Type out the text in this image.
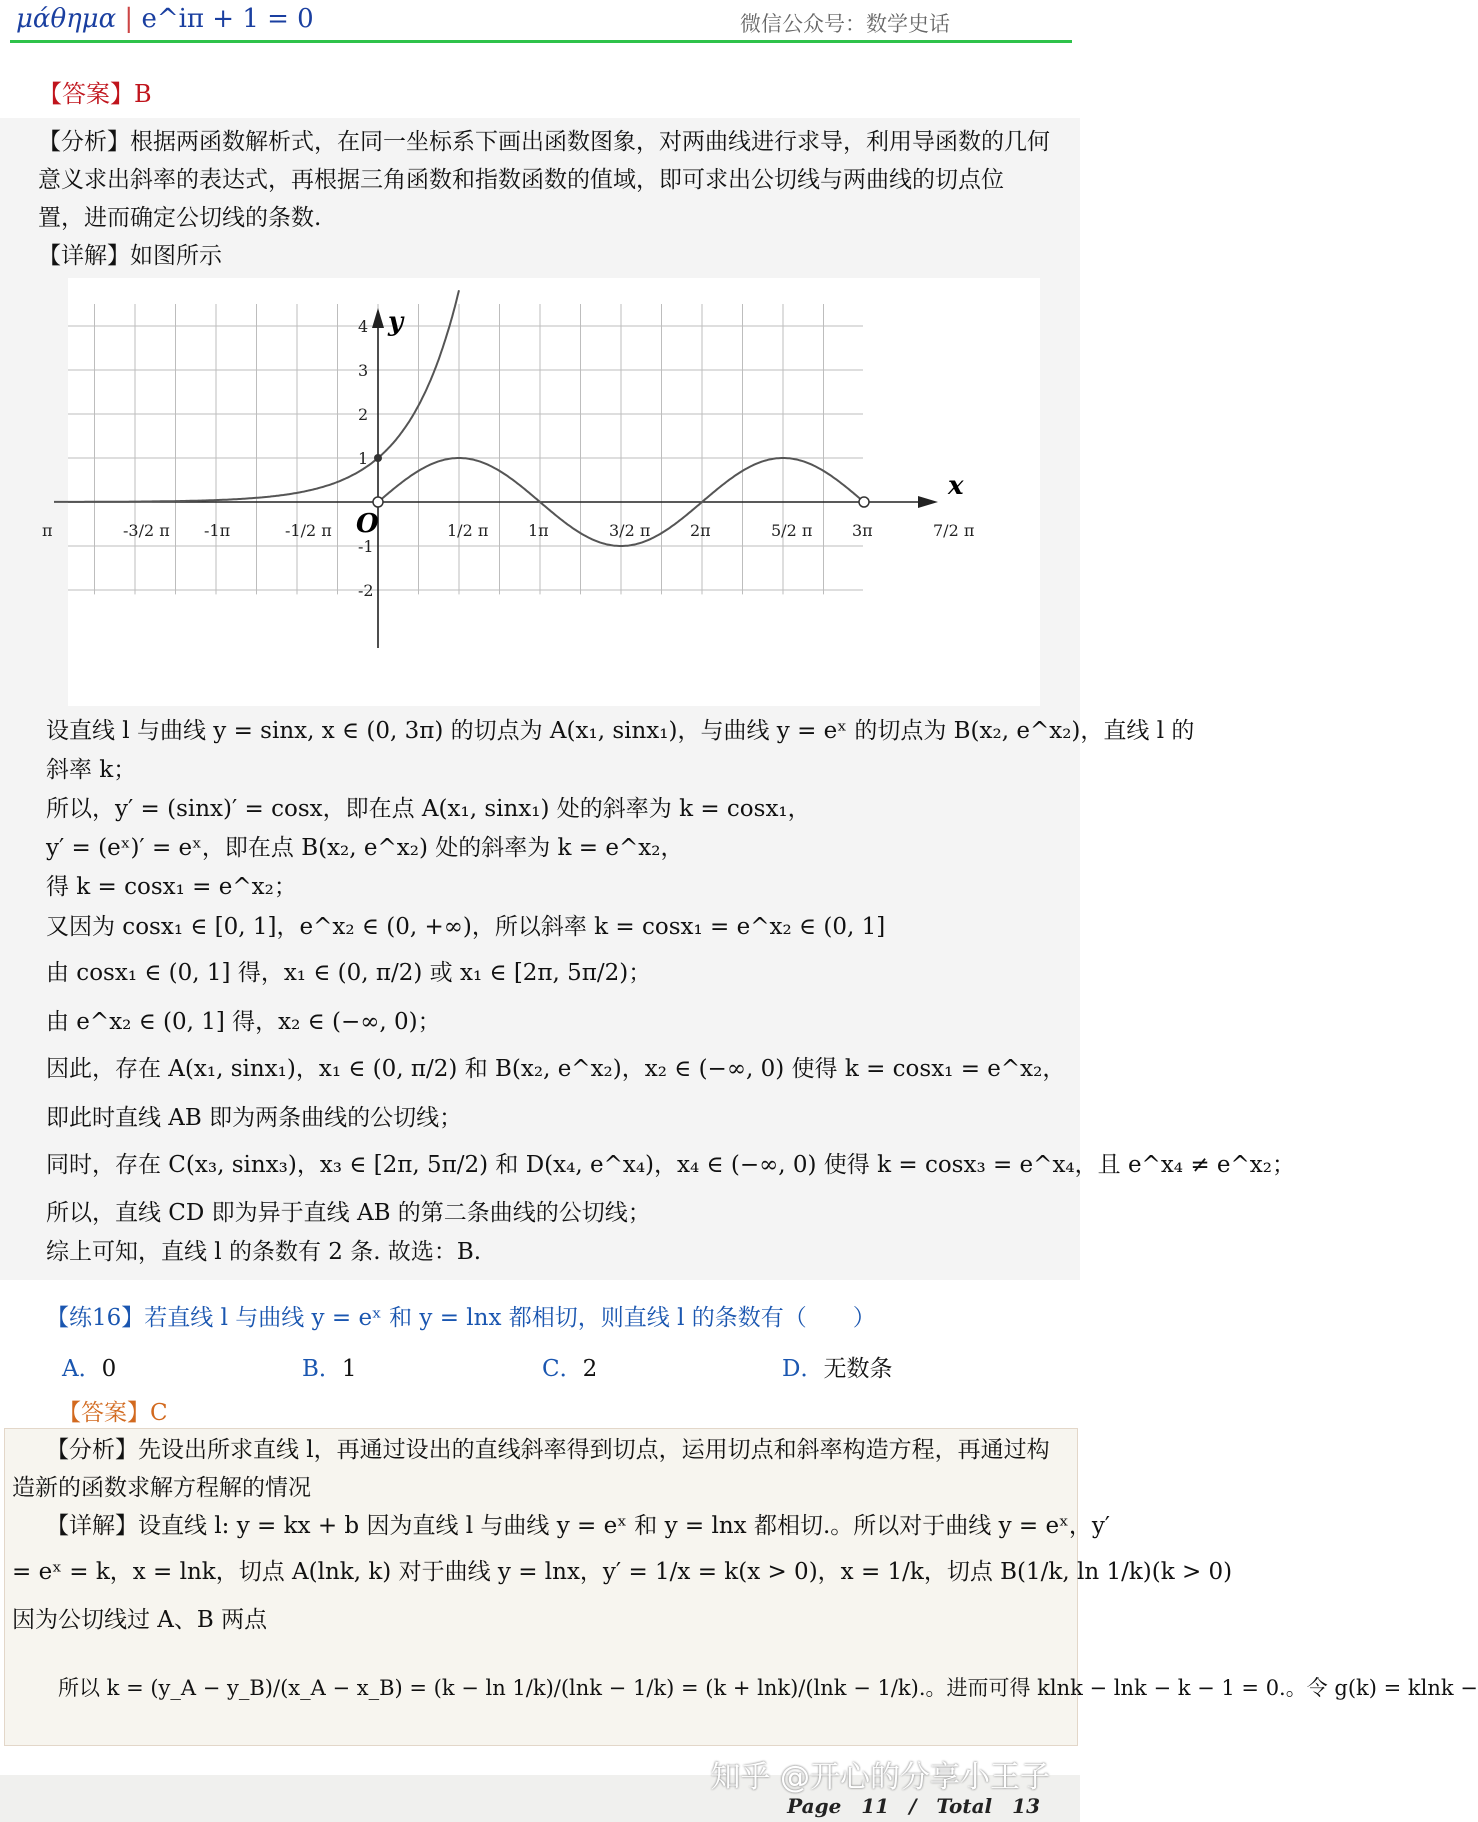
μάθημα | e^iπ + 1 = 0	微信公众号：数学史话
【答案】B
【分析】根据两函数解析式，在同一坐标系下画出函数图象，对两曲线进行求导，利用导函数的几何
意义求出斜率的表达式，再根据三角函数和指数函数的值域，即可求出公切线与两曲线的切点位
置，进而确定公切线的条数.
【详解】如图所示
x
y
O
π	-3/2 π -1π	-1/2 π	1/2 π 1π	3/2 π 2π	5/2 π 3π	7/2 π
4
3
2
1
-1
-2
设直线 l 与曲线 y = sinx, x ∈ (0, 3π) 的切点为 A(x₁, sinx₁)，与曲线 y = eˣ 的切点为 B(x₂, e^x₂)，直线 l 的
斜率 k；
所以，y′ = (sinx)′ = cosx，即在点 A(x₁, sinx₁) 处的斜率为 k = cosx₁，
y′ = (eˣ)′ = eˣ，即在点 B(x₂, e^x₂) 处的斜率为 k = e^x₂，
得 k = cosx₁ = e^x₂；
又因为 cosx₁ ∈ [0, 1]，e^x₂ ∈ (0, +∞)，所以斜率 k = cosx₁ = e^x₂ ∈ (0, 1]
由 cosx₁ ∈ (0, 1] 得，x₁ ∈ (0, π/2) 或 x₁ ∈ [2π, 5π/2)；
由 e^x₂ ∈ (0, 1] 得，x₂ ∈ (−∞, 0)；
因此，存在 A(x₁, sinx₁)，x₁ ∈ (0, π/2) 和 B(x₂, e^x₂)，x₂ ∈ (−∞, 0) 使得 k = cosx₁ = e^x₂，
即此时直线 AB 即为两条曲线的公切线；
同时，存在 C(x₃, sinx₃)，x₃ ∈ [2π, 5π/2) 和 D(x₄, e^x₄)，x₄ ∈ (−∞, 0) 使得 k = cosx₃ = e^x₄，且 e^x₄ ≠ e^x₂；
所以，直线 CD 即为异于直线 AB 的第二条曲线的公切线；
综上可知，直线 l 的条数有 2 条. 故选：B.
【练16】若直线 l 与曲线 y = eˣ 和 y = lnx 都相切，则直线 l 的条数有（　　）
A．0	B．1	C．2	D．无数条
【答案】C
【分析】先设出所求直线 l，再通过设出的直线斜率得到切点，运用切点和斜率构造方程，再通过构
造新的函数求解方程解的情况
【详解】设直线 l: y = kx + b 因为直线 l 与曲线 y = eˣ 和 y = lnx 都相切.。所以对于曲线 y = eˣ，y′
= eˣ = k，x = lnk，切点 A(lnk, k) 对于曲线 y = lnx，y′ = 1/x = k(x > 0)，x = 1/k，切点 B(1/k, ln 1/k)(k > 0)
因为公切线过 A、B 两点
所以 k = (y_A − y_B)/(x_A − x_B) = (k − ln 1/k)/(lnk − 1/k) = (k + lnk)/(lnk − 1/k).。进而可得 klnk − lnk − k − 1 = 0.。令 g(k) = klnk −
知乎 @开心的分享小王子
Page　11　/　Total　13
